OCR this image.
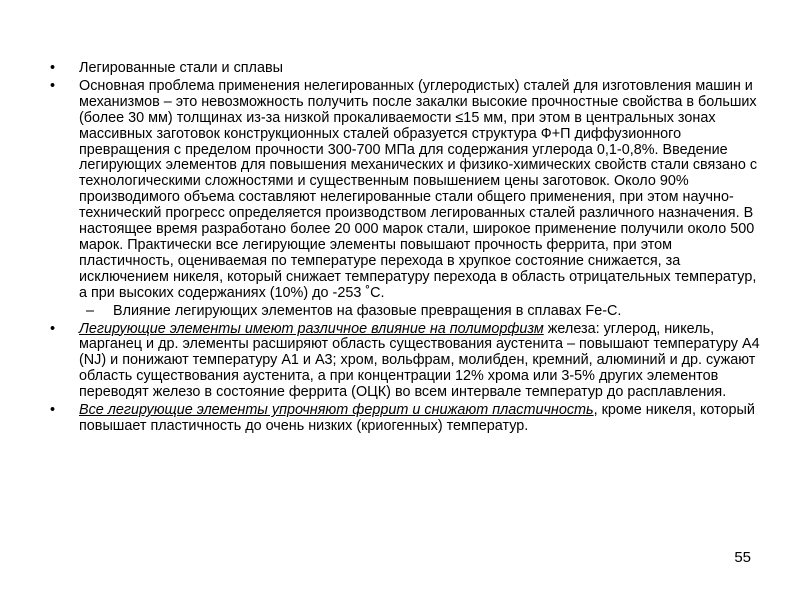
•	Легированные стали и сплавы
•	Основная проблема применения нелегированных (углеродистых) сталей для изготовления машин и механизмов – это невозможность получить после закалки высокие прочностные свойства в больших (более 30 мм) толщинах из-за низкой прокаливаемости ≤15 мм, при этом в центральных зонах массивных заготовок конструкционных сталей образуется структура Ф+П диффузионного превращения с пределом прочности 300-700 МПа для содержания углерода 0,1-0,8%. Введение легирующих элементов для повышения механических и физико-химических свойств стали связано с технологическими сложностями и существенным повышением цены заготовок. Около 90% производимого объема составляют нелегированные стали общего применения, при этом научно-технический прогресс определяется производством легированных сталей различного назначения. В настоящее время разработано более 20 000 марок стали, широкое применение получили около 500 марок. Практически все легирующие элементы повышают прочность феррита, при этом пластичность, оцениваемая по температуре перехода в хрупкое состояние снижается, за исключением никеля, который снижает температуру перехода в область отрицательных температур, а при высоких содержаниях (10%) до -253 ˚С.
– Влияние легирующих элементов на фазовые превращения в сплавах Fe-C.
•	Легирующие элементы имеют различное влияние на полиморфизм железа: углерод, никель, марганец и др. элементы расширяют область существования аустенита – повышают температуру А4 (NJ) и понижают температуру А1 и А3; хром, вольфрам, молибден, кремний, алюминий и др. сужают область существования аустенита, а при концентрации 12% хрома или 3-5% других элементов переводят железо в состояние феррита (ОЦК) во всем интервале температур до расплавления.
•	Все легирующие элементы упрочняют феррит и снижают пластичность, кроме никеля, который повышает пластичность до очень низких (криогенных) температур.
55
